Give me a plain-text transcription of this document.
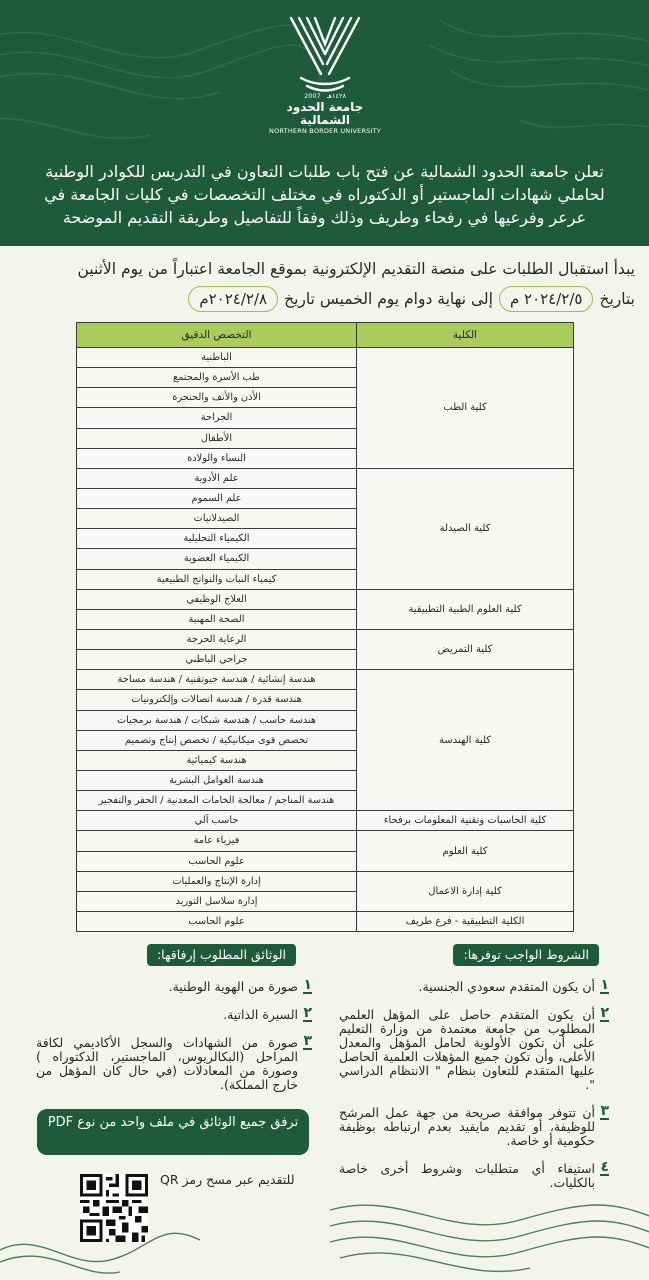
١٤٢٨هـ
2007
جامعة الحدود الشمالية
NORTHERN BORDER UNIVERSITY

تعلن جامعة الحدود الشمالية عن فتح باب طلبات التعاون في التدريس للكوادر الوطنية

لحاملي شهادات الماجستير أو الدكتوراه في مختلف التخصصات في كليات الجامعة في

عرعر وفرعيها في رفحاء وطريف وذلك وفقاً للتفاصيل وطريقة التقديم الموضحة

يبدأ استقبال الطلبات على منصة التقديم الإلكترونية بموقع الجامعة اعتباراً من يوم الأثنين

بتاريخ
٢٠٢٤/٢/٥ م
إلى نهاية دوام يوم الخميس تاريخ
٢٠٢٤/٢/٨م
الكلية	التخصص الدقيق
كلية الطب	الباطنية
	طب الأسرة والمجتمع
	الأذن والأنف والحنجرة
	الجراحة
	الأطفال
	النساء والولادة
كلية الصيدلة	علم الأدوية
	علم السموم
	الصيدلانيات
	الكيمياء التحليلية
	الكيمياء العضوية
	كيمياء النبات والنواتج الطبيعية
كلية العلوم الطبية التطبيقية	العلاج الوظيفي
	الصحة المهنية
كلية التمريض	الرعاية الحرجة
	جراحي الباطني
كلية الهندسة	هندسة إنشائية / هندسة جيوتقنية / هندسة مساحة
	هندسة قدرة / هندسة اتصالات وإلكترونيات
	هندسة حاسب / هندسة شبكات / هندسة برمجيات
	تخصص قوى ميكانيكية / تخصص إنتاج وتصميم
	هندسة كيميائية
	هندسة العوامل البشرية
	هندسة المناجم / معالجة الخامات المعدنية / الحفر والتفجير
كلية الحاسبات وتقنية المعلومات برفحاء	حاسب آلي
كلية العلوم	فيزياء عامة
	علوم الحاسب
كلية إدارة الاعمال	إدارة الإنتاج والعمليات
	إدارة سلاسل التوريد
الكلية التطبيقية - فرع طريف	علوم الحاسب
الشروط الواجب توفرها:
١
أن يكون المتقدم سعودي الجنسية.
٢
أن يكون المتقدم حاصل على المؤهل العلمي المطلوب من جامعة معتمدة من وزارة التعليم على أن تكون الأولوية لحامل المؤهل والمعدل الأعلى، وأن تكون جميع المؤهلات العلمية الحاصل عليها المتقدم للتعاون بنظام " الانتظام الدراسي ".
٣
أن تتوفر موافقة صريحة من جهة عمل المرشح للوظيفة، أو تقديم مايفيد بعدم ارتباطه بوظيفة حكومية أو خاصة.
٤
استيفاء أي متطلبات وشروط أخرى خاصة بالكليات.
الوثائق المطلوب إرفاقها:
١
صورة من الهوية الوطنية.
٢
السيرة الذاتية.
٣
صورة من الشهادات والسجل الأكاديمي لكافة المراحل (البكالريوس، الماجستير، الدكتوراه ) وصورة من المعادلات (في حال كان المؤهل من خارج المملكة).
ترفق جميع الوثائق في ملف واحد من نوع PDF
للتقديم عبر مسح رمز QR
